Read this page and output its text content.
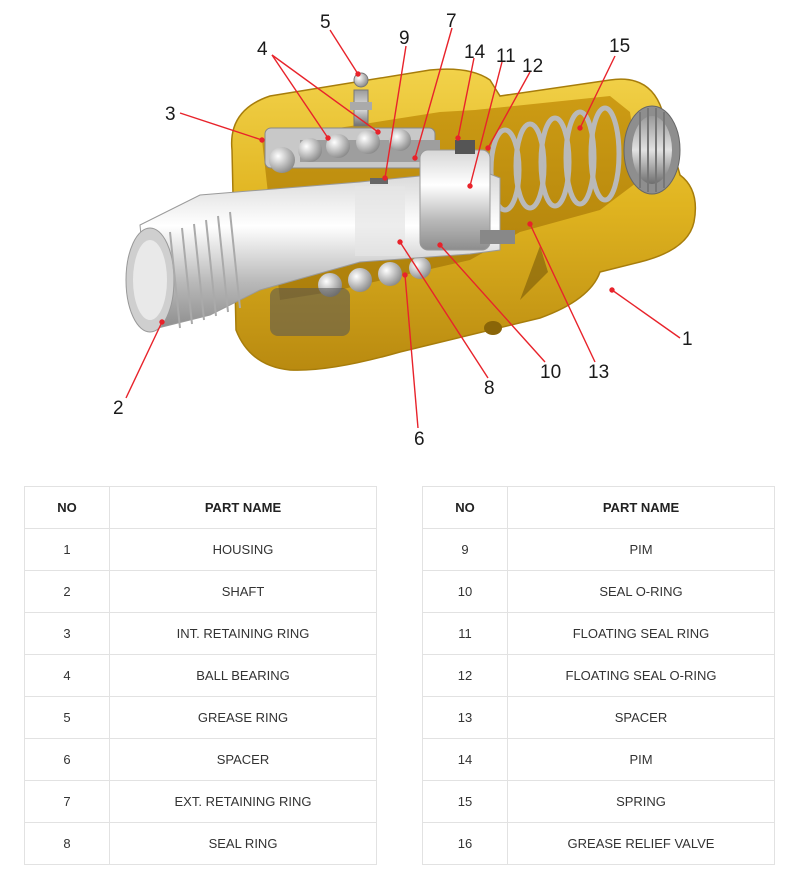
1
2
3
4
5
6
7
8
9
10
11 12
13
14	15
NO	PART NAME
1	HOUSING
2	SHAFT
3	INT. RETAINING RING
4	BALL BEARING
5	GREASE RING
6	SPACER
7	EXT. RETAINING RING
8	SEAL RING
NO	PART NAME
9	PIM
10	SEAL O-RING
11	FLOATING SEAL RING
12	FLOATING SEAL O-RING
13	SPACER
14	PIM
15	SPRING
16	GREASE RELIEF VALVE
